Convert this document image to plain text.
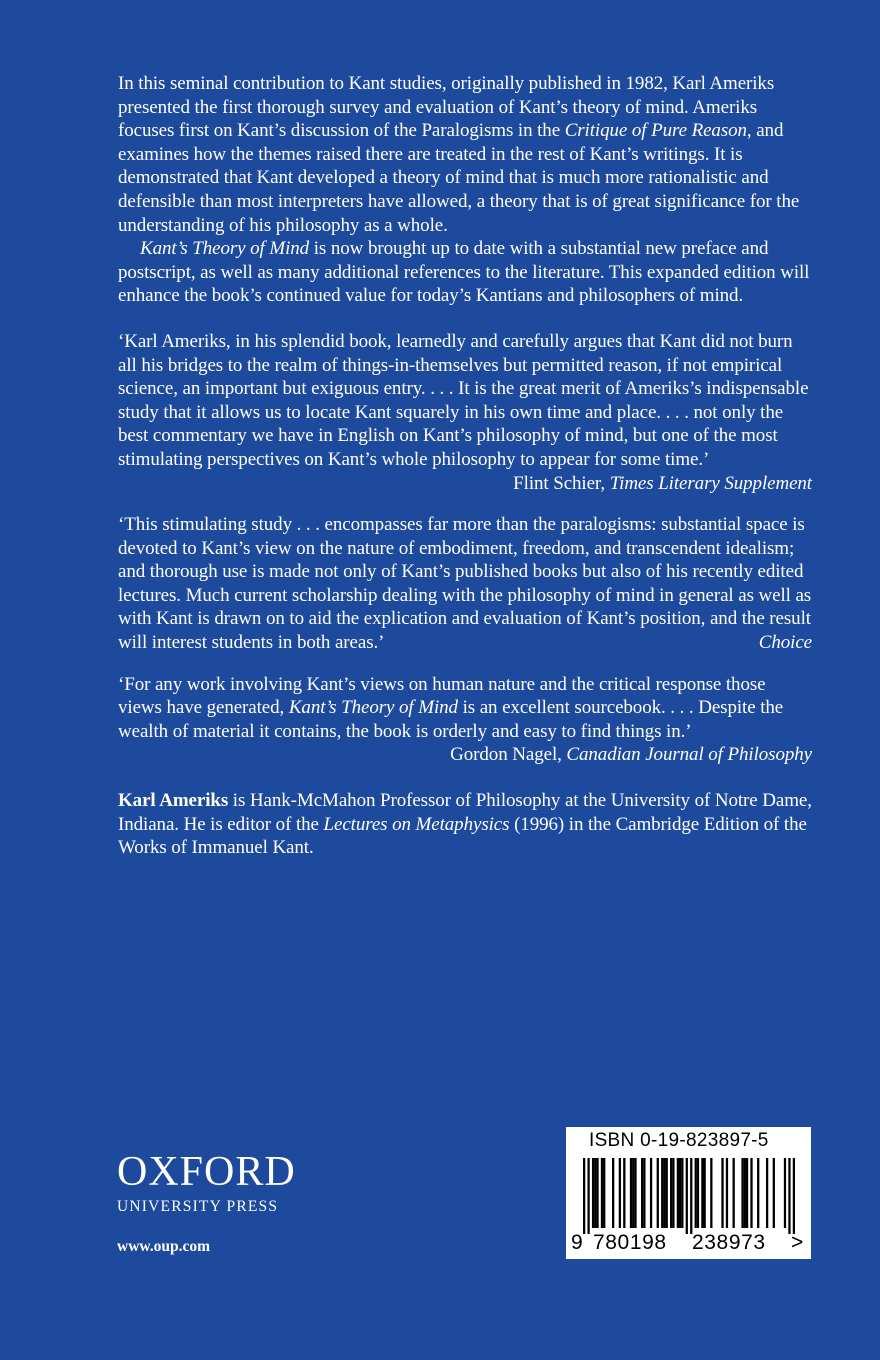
In this seminal contribution to Kant studies, originally published in 1982, Karl Ameriks presented the first thorough survey and evaluation of Kant’s theory of mind. Ameriks focuses first on Kant’s discussion of the Paralogisms in the Critique of Pure Reason, and examines how the themes raised there are treated in the rest of Kant’s writings. It is demonstrated that Kant developed a theory of mind that is much more rationalistic and defensible than most interpreters have allowed, a theory that is of great significance for the understanding of his philosophy as a whole.

Kant’s Theory of Mind is now brought up to date with a substantial new preface and postscript, as well as many additional references to the literature. This expanded edition will enhance the book’s continued value for today’s Kantians and philosophers of mind.

‘Karl Ameriks, in his splendid book, learnedly and carefully argues that Kant did not burn all his bridges to the realm of things-in-themselves but permitted reason, if not empirical science, an important but exiguous entry. . . . It is the great merit of Ameriks’s indispensable study that it allows us to locate Kant squarely in his own time and place. . . . not only the best commentary we have in English on Kant’s philosophy of mind, but one of the most stimulating perspectives on Kant’s whole philosophy to appear for some time.’

Flint Schier, Times Literary Supplement

‘This stimulating study . . . encompasses far more than the paralogisms: substantial space is devoted to Kant’s view on the nature of embodiment, freedom, and transcendent idealism; and thorough use is made not only of Kant’s published books but also of his recently edited lectures. Much current scholarship dealing with the philosophy of mind in general as well as with Kant is drawn on to aid the explication and evaluation of Kant’s position, and the result will interest students in both areas.’	Choice

‘For any work involving Kant’s views on human nature and the critical response those views have generated, Kant’s Theory of Mind is an excellent sourcebook. . . . Despite the wealth of material it contains, the book is orderly and easy to find things in.’
Gordon Nagel, Canadian Journal of Philosophy

Karl Ameriks is Hank-McMahon Professor of Philosophy at the University of Notre Dame, Indiana. He is editor of the Lectures on Metaphysics (1996) in the Cambridge Edition of the Works of Immanuel Kant.

OXFORD
UNIVERSITY PRESS
www.oup.com
ISBN 0-19-823897-5
9 780198 238973 >
